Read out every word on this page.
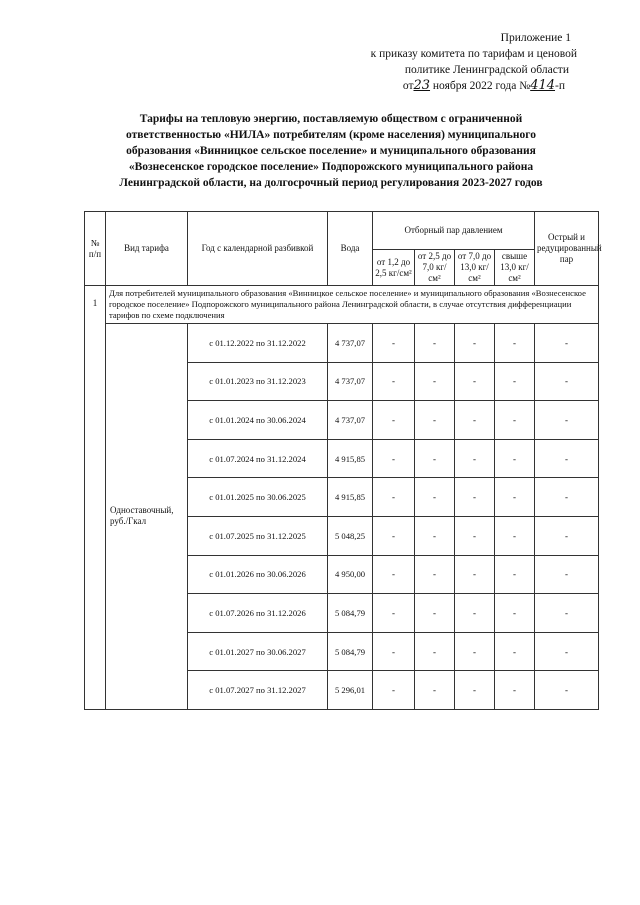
Приложение 1
к приказу комитета по тарифам и ценовой
политике Ленинградской области
от23 ноября 2022 года №414-п
Тарифы на тепловую энергию, поставляемую обществом с ограниченной ответственностью «НИЛА» потребителям (кроме населения) муниципального образования «Винницкое сельское поселение» и муниципального образования «Вознесенское городское поселение» Подпорожского муниципального района Ленинградской области, на долгосрочный период регулирования 2023-2027 годов
№ п/п	Вид тарифа	Год с календарной разбивкой	Вода	Отборный пар давлением				Острый и редуцированный пар
				от 1,2 до 2,5 кг/см²	от 2,5 до 7,0 кг/см²	от 7,0 до 13,0 кг/см²	свыше 13,0 кг/см²	
1	Для потребителей муниципального образования «Винницкое сельское поселение» и муниципального образования «Вознесенское городское поселение» Подпорожского муниципального района Ленинградской области, в случае отсутствия дифференциации тарифов по схеме подключения							
	Одноставочный, руб./Гкал	с 01.12.2022 по 31.12.2022	4 737,07	-	-	-	-	-
		с 01.01.2023 по 31.12.2023	4 737,07	-	-	-	-	-
		с 01.01.2024 по 30.06.2024	4 737,07	-	-	-	-	-
		с 01.07.2024 по 31.12.2024	4 915,85	-	-	-	-	-
		с 01.01.2025 по 30.06.2025	4 915,85	-	-	-	-	-
		с 01.07.2025 по 31.12.2025	5 048,25	-	-	-	-	-
		с 01.01.2026 по 30.06.2026	4 950,00	-	-	-	-	-
		с 01.07.2026 по 31.12.2026	5 084,79	-	-	-	-	-
		с 01.01.2027 по 30.06.2027	5 084,79	-	-	-	-	-
		с 01.07.2027 по 31.12.2027	5 296,01	-	-	-	-	-
